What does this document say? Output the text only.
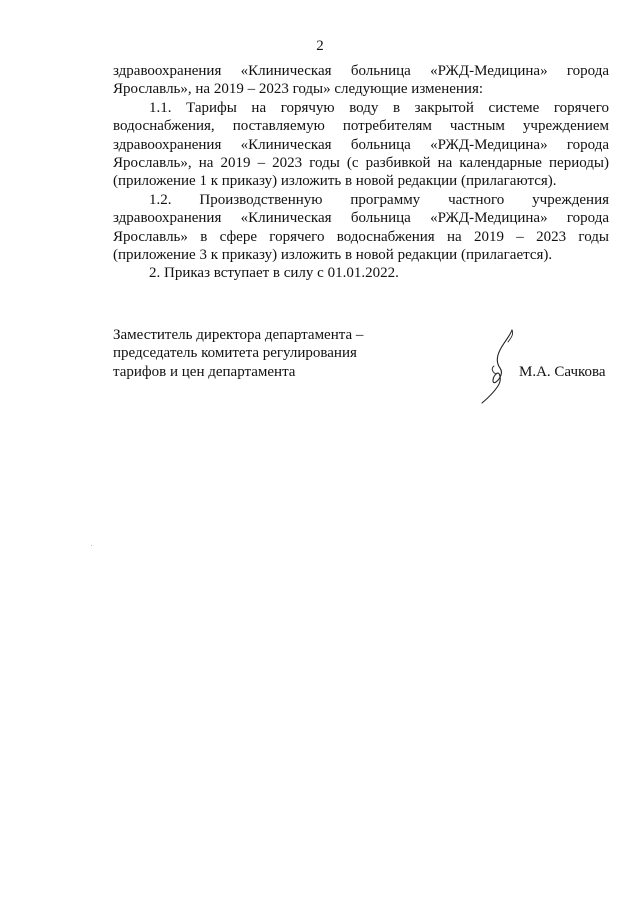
2

здравоохранения «Клиническая больница «РЖД-Медицина» города Ярославль», на 2019 – 2023 годы» следующие изменения:

1.1. Тарифы на горячую воду в закрытой системе горячего водоснабжения, поставляемую потребителям частным учреждением здравоохранения «Клиническая больница «РЖД-Медицина» города Ярославль», на 2019 – 2023 годы (с разбивкой на календарные периоды) (приложение 1 к приказу) изложить в новой редакции (прилагаются).

1.2. Производственную программу частного учреждения здравоохранения «Клиническая больница «РЖД-Медицина» города Ярославль» в сфере горячего водоснабжения на 2019 – 2023 годы (приложение 3 к приказу) изложить в новой редакции (прилагается).

2. Приказ вступает в силу с 01.01.2022.

Заместитель директора департамента –
председатель комитета регулирования
тарифов и цен департамента	М.А. Сачкова
